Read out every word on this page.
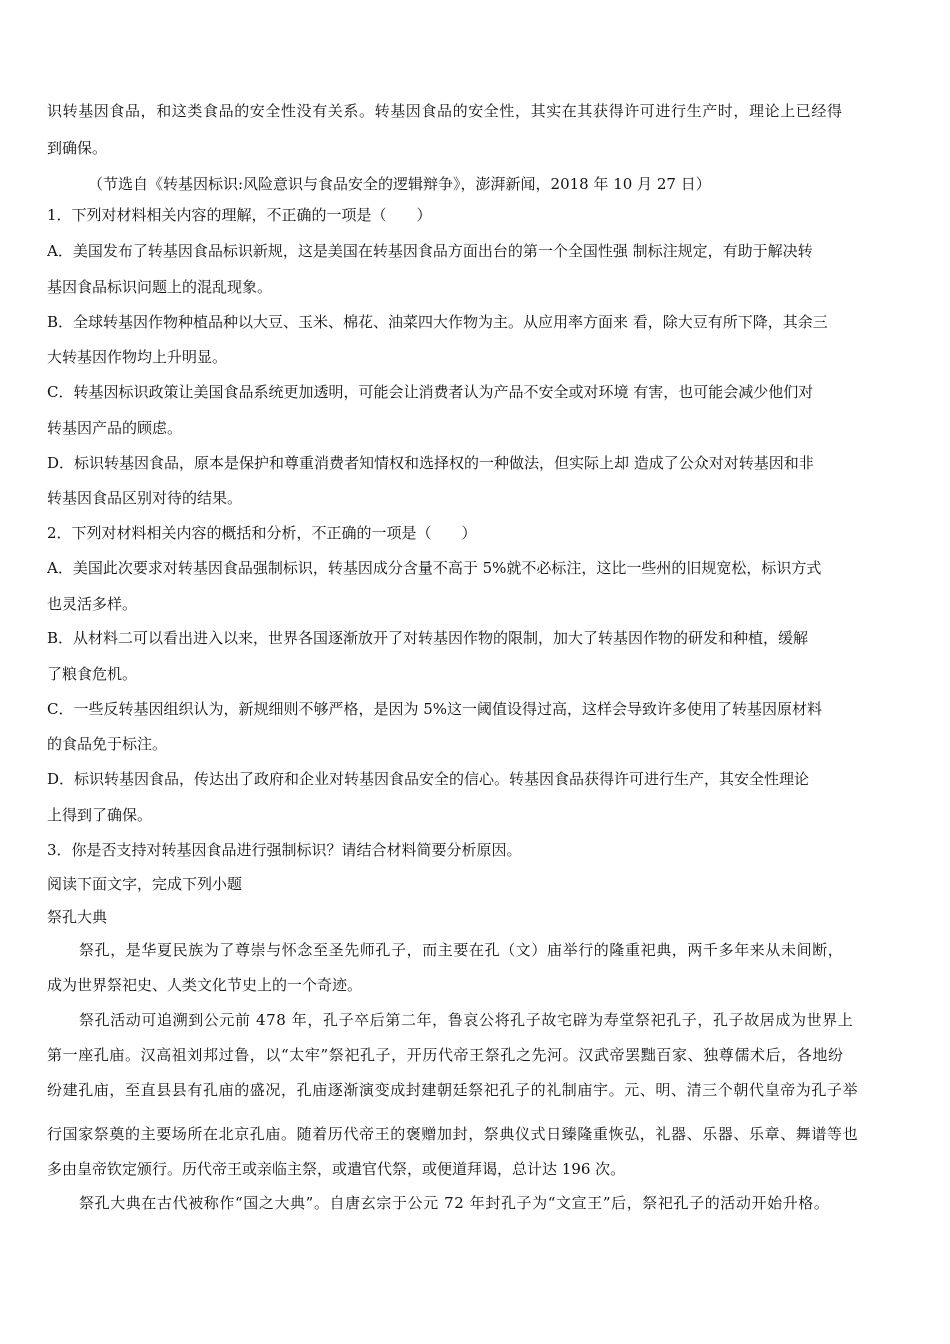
识转基因食品，和这类食品的安全性没有关系。转基因食品的安全性，其实在其获得许可进行生产时，理论上已经得
到确保。
（节选自《转基因标识:风险意识与食品安全的逻辑辩争》，澎湃新闻，2018 年 10 月 27 日）
1．下列对材料相关内容的理解，不正确的一项是（　　）
A．美国发布了转基因食品标识新规，这是美国在转基因食品方面出台的第一个全国性强 制标注规定，有助于解决转
基因食品标识问题上的混乱现象。
B．全球转基因作物种植品种以大豆、玉米、棉花、油菜四大作物为主。从应用率方面来 看，除大豆有所下降，其余三
大转基因作物均上升明显。
C．转基因标识政策让美国食品系统更加透明，可能会让消费者认为产品不安全或对环境 有害，也可能会减少他们对
转基因产品的顾虑。
D．标识转基因食品，原本是保护和尊重消费者知情权和选择权的一种做法，但实际上却 造成了公众对对转基因和非
转基因食品区别对待的结果。
2．下列对材料相关内容的概括和分析，不正确的一项是（　　）
A．美国此次要求对转基因食品强制标识，转基因成分含量不高于 5%就不必标注，这比一些州的旧规宽松，标识方式
也灵活多样。
B．从材料二可以看出进入以来，世界各国逐渐放开了对转基因作物的限制，加大了转基因作物的研发和种植，缓解
了粮食危机。
C．一些反转基因组织认为，新规细则不够严格，是因为 5%这一阈值设得过高，这样会导致许多使用了转基因原材料
的食品免于标注。
D．标识转基因食品，传达出了政府和企业对转基因食品安全的信心。转基因食品获得许可进行生产，其安全性理论
上得到了确保。
3．你是否支持对转基因食品进行强制标识？请结合材料简要分析原因。
阅读下面文字，完成下列小题
祭孔大典
祭孔，是华夏民族为了尊崇与怀念至圣先师孔子，而主要在孔（文）庙举行的隆重祀典，两千多年来从未间断，
成为世界祭祀史、人类文化节史上的一个奇迹。
祭孔活动可追溯到公元前 478 年，孔子卒后第二年，鲁哀公将孔子故宅辟为寿堂祭祀孔子，孔子故居成为世界上
第一座孔庙。汉高祖刘邦过鲁，以“太牢”祭祀孔子，开历代帝王祭孔之先河。汉武帝罢黜百家、独尊儒术后，各地纷
纷建孔庙，至直县县有孔庙的盛况，孔庙逐渐演变成封建朝廷祭祀孔子的礼制庙宇。元、明、清三个朝代皇帝为孔子举
行国家祭奠的主要场所在北京孔庙。随着历代帝王的褒赠加封，祭典仪式日臻隆重恢弘，礼器、乐器、乐章、舞谱等也
多由皇帝钦定颁行。历代帝王或亲临主祭，或遣官代祭，或便道拜谒，总计达 196 次。
祭孔大典在古代被称作“国之大典”。自唐玄宗于公元 72 年封孔子为“文宣王”后，祭祀孔子的活动开始升格。
